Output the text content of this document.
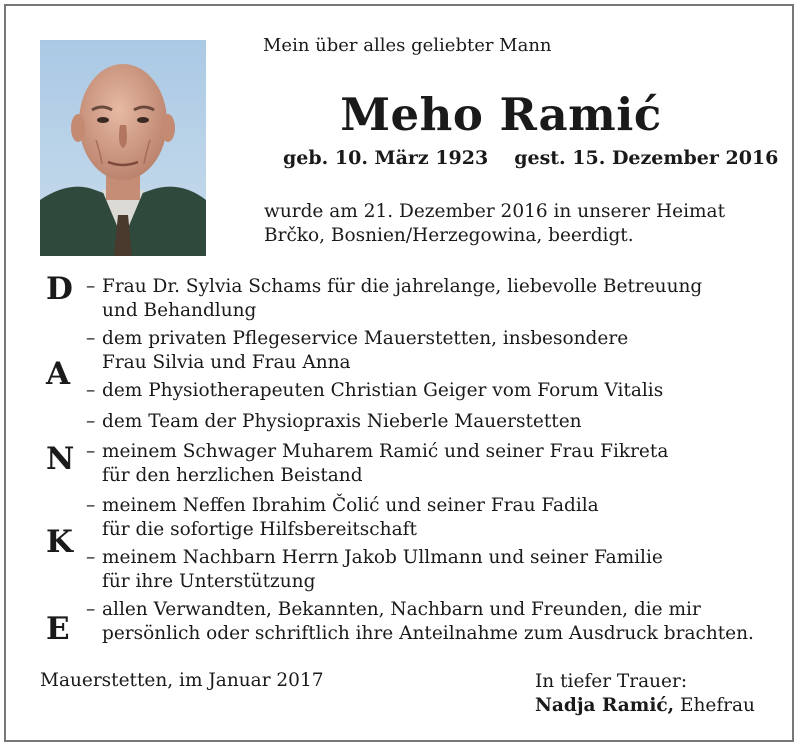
Mein über alles geliebter Mann
Meho Ramić
geb. 10. März 1923 gest. 15. Dezember 2016
wurde am 21. Dezember 2016 in unserer Heimat
Brčko, Bosnien/Herzegowina, beerdigt.
D
A
N
K
E
– Frau Dr. Sylvia Schams für die jahrelange, liebevolle Betreuung
und Behandlung
– dem privaten Pflegeservice Mauerstetten, insbesondere
Frau Silvia und Frau Anna
– dem Physiotherapeuten Christian Geiger vom Forum Vitalis
– dem Team der Physiopraxis Nieberle Mauerstetten
– meinem Schwager Muharem Ramić und seiner Frau Fikreta
für den herzlichen Beistand
– meinem Neffen Ibrahim Čolić und seiner Frau Fadila
für die sofortige Hilfsbereitschaft
– meinem Nachbarn Herrn Jakob Ullmann und seiner Familie
für ihre Unterstützung
– allen Verwandten, Bekannten, Nachbarn und Freunden, die mir
persönlich oder schriftlich ihre Anteilnahme zum Ausdruck brachten.
Mauerstetten, im Januar 2017	In tiefer Trauer:
Nadja Ramić, Ehefrau
